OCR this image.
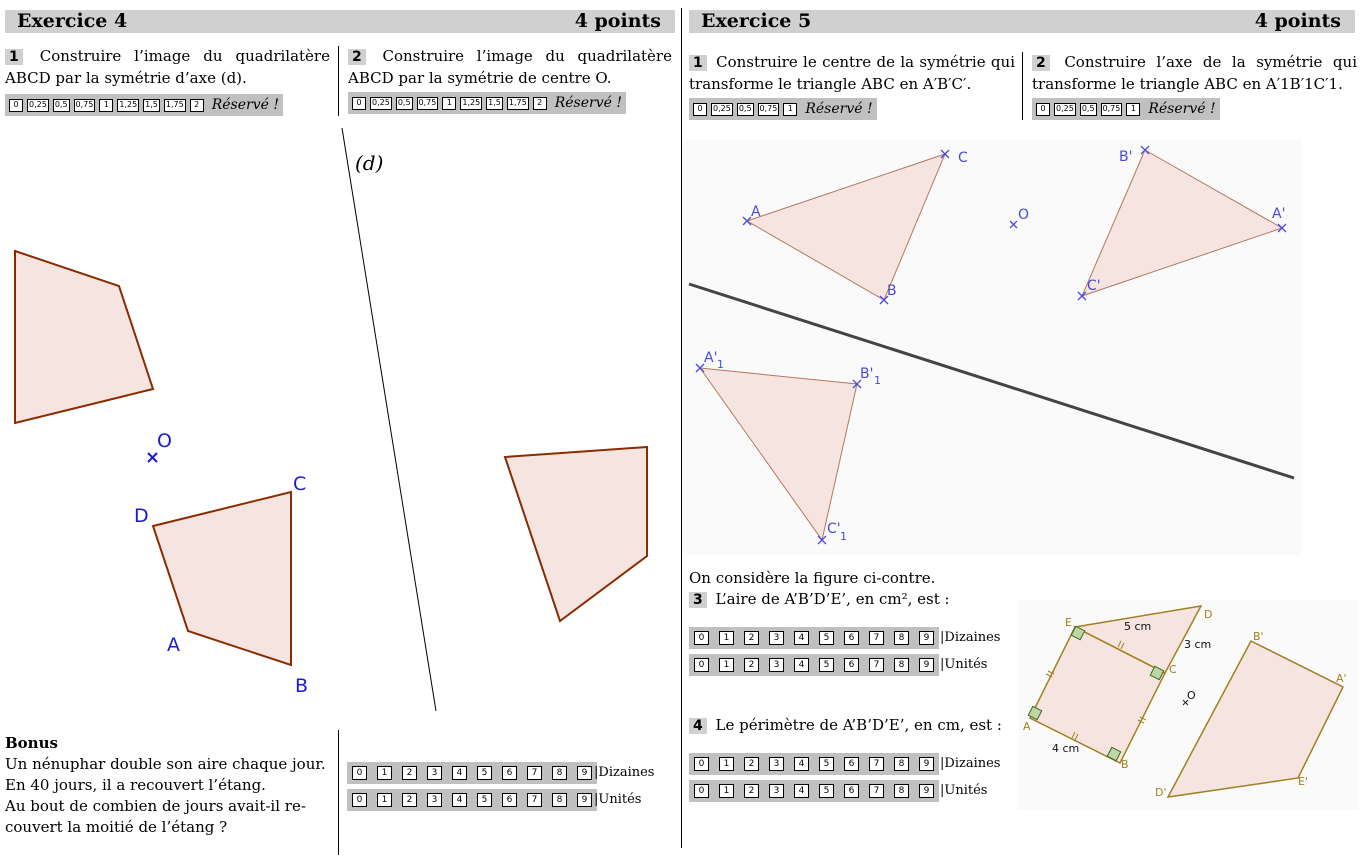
Exercice 4	4 points
1 Construire l’image du quadrilatère ABCD par la symétrie d’axe (d).
0	0,25 0,5 0,75	1	1,25 1,5 1,75	2 Réservé !
2 Construire l’image du quadrilatère ABCD par la symétrie de centre O.
0	0,25 0,5 0,75	1	1,25 1,5 1,75	2 Réservé !
(d)
O
C
D
A
B
Bonus
Un nénuphar double son aire chaque jour.
En 40 jours, il a recouvert l’étang.
Au bout de combien de jours avait-il re-
couvert la moitié de l’étang ?
0	1	2	3	4	5	6	7	8	9 |Dizaines
0	1	2	3	4	5	6	7	8	9 |Unités
Exercice 5	4 points
1 Construire le centre de la symétrie qui transforme le triangle ABC en A′B′C′.
0	0,25 0,5 0,75	1 Réservé !
2 Construire l’axe de la symétrie qui transforme le triangle ABC en A′1B′1C′1.
0	0,25 0,5 0,75	1 Réservé !
A
C
B
O
B'
A'
C'
A' 1
B' 1
C' 1
On considère la figure ci-contre.
3 L’aire de A’B’D’E’, en cm², est :
0	1	2	3	4	5	6	7	8	9 |Dizaines
0	1	2	3	4	5	6	7	8	9 |Unités
4 Le périmètre de A’B’D’E’, en cm, est :
0	1	2	3	4	5	6	7	8	9 |Dizaines
0	1	2	3	4	5	6	7	8	9 |Unités
E
D
C
A
B
B'
A'
D'
E'
O
5 cm
3 cm
4 cm
